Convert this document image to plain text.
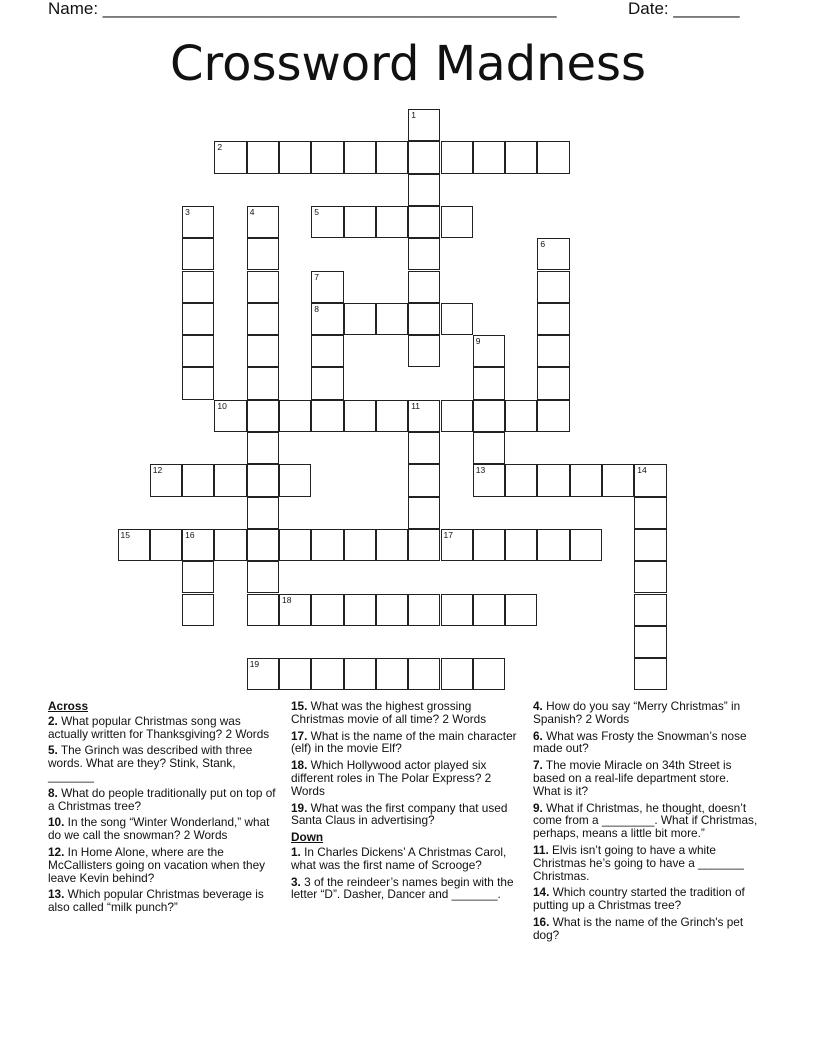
Name: ________________________________________________	Date: _______
Crossword Madness
1
2
3	4	5
6
7
8
9
13
10	11
12	14
15	16	17
18
19
Across
2. What popular Christmas song was actually written for Thanksgiving? 2 Words
5. The Grinch was described with three words. What are they? Stink, Stank, _______
8. What do people traditionally put on top of a Christmas tree?
10. In the song “Winter Wonderland,” what do we call the snowman? 2 Words
12. In Home Alone, where are the McCallisters going on vacation when they leave Kevin behind?
13. Which popular Christmas beverage is also called “milk punch?”
15. What was the highest grossing Christmas movie of all time? 2 Words
17. What is the name of the main character (elf) in the movie Elf?
18. Which Hollywood actor played six different roles in The Polar Express? 2 Words
19. What was the first company that used Santa Claus in advertising?
Down
1. In Charles Dickens’ A Christmas Carol, what was the first name of Scrooge?
3. 3 of the reindeer’s names begin with the letter “D”. Dasher, Dancer and _______.
4. How do you say “Merry Christmas” in Spanish? 2 Words
6. What was Frosty the Snowman’s nose made out?
7. The movie Miracle on 34th Street is based on a real-life department store. What is it?
9. What if Christmas, he thought, doesn’t come from a ________. What if Christmas, perhaps, means a little bit more.”
11. Elvis isn’t going to have a white Christmas he’s going to have a _______ Christmas.
14. Which country started the tradition of putting up a Christmas tree?
16. What is the name of the Grinch's pet dog?
